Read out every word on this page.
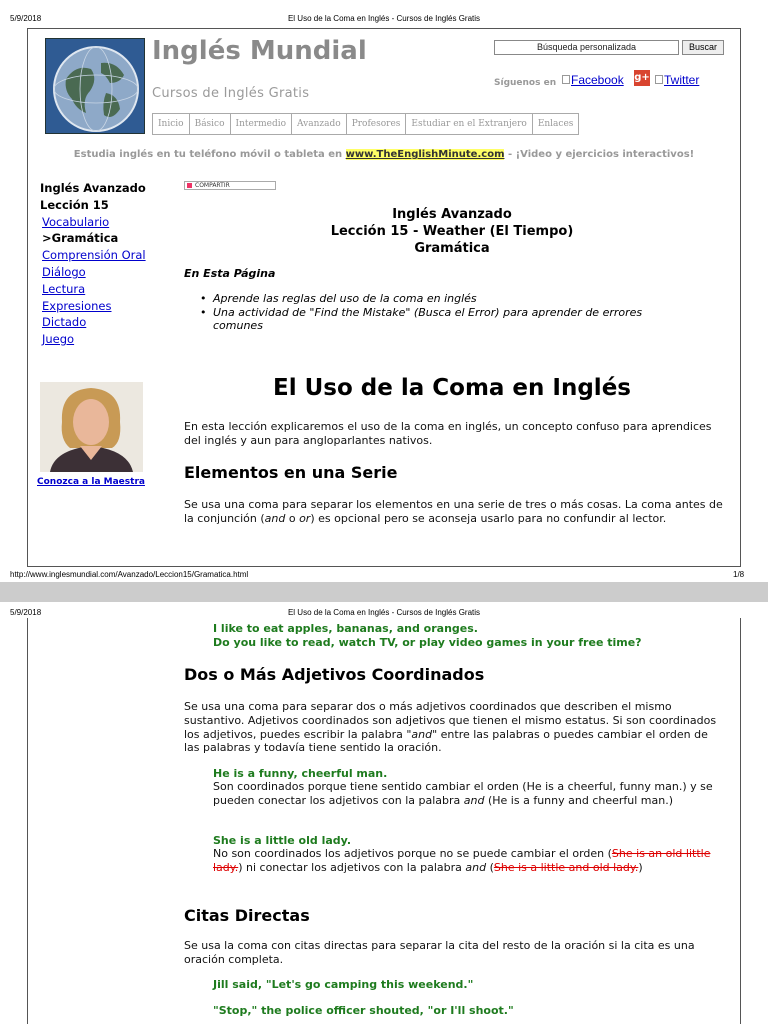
5/9/2018	El Uso de la Coma en Inglés - Cursos de Inglés Gratis
Inglés Mundial
Cursos de Inglés Gratis
Búsqueda personalizada	Buscar
Síguenos en	Facebook g+	Twitter
Inicio	Básico	Intermedio	Avanzado	Profesores	Estudiar en el Extranjero	Enlaces
Estudia inglés en tu teléfono móvil o tableta en www.TheEnglishMinute.com - ¡Video y ejercicios interactivos!
Inglés Avanzado
Lección 15
Vocabulario
>Gramática
Comprensión Oral
Diálogo
Lectura
Expresiones
Dictado
Juego
Conozca a la Maestra
COMPARTIR
Inglés Avanzado
Lección 15 - Weather (El Tiempo)
Gramática
En Esta Página
• Aprende las reglas del uso de la coma en inglés
• Una actividad de "Find the Mistake" (Busca el Error) para aprender de errores comunes
El Uso de la Coma en Inglés
En esta lección explicaremos el uso de la coma en inglés, un concepto confuso para aprendices del inglés y aun para angloparlantes nativos.
Elementos en una Serie
Se usa una coma para separar los elementos en una serie de tres o más cosas. La coma antes de la conjunción (and o or) es opcional pero se aconseja usarlo para no confundir al lector.
http://www.inglesmundial.com/Avanzado/Leccion15/Gramatica.html	1/8
5/9/2018	El Uso de la Coma en Inglés - Cursos de Inglés Gratis
I like to eat apples, bananas, and oranges.
Do you like to read, watch TV, or play video games in your free time?
Dos o Más Adjetivos Coordinados
Se usa una coma para separar dos o más adjetivos coordinados que describen el mismo sustantivo. Adjetivos coordinados son adjetivos que tienen el mismo estatus. Si son coordinados los adjetivos, puedes escribir la palabra "and" entre las palabras o puedes cambiar el orden de las palabras y todavía tiene sentido la oración.
He is a funny, cheerful man.
Son coordinados porque tiene sentido cambiar el orden (He is a cheerful, funny man.) y se pueden conectar los adjetivos con la palabra and (He is a funny and cheerful man.)
She is a little old lady.
No son coordinados los adjetivos porque no se puede cambiar el orden (She is an old little lady.) ni conectar los adjetivos con la palabra and (She is a little and old lady.)
Citas Directas
Se usa la coma con citas directas para separar la cita del resto de la oración si la cita es una oración completa.
Jill said, "Let's go camping this weekend."
"Stop," the police officer shouted, "or I'll shoot."
